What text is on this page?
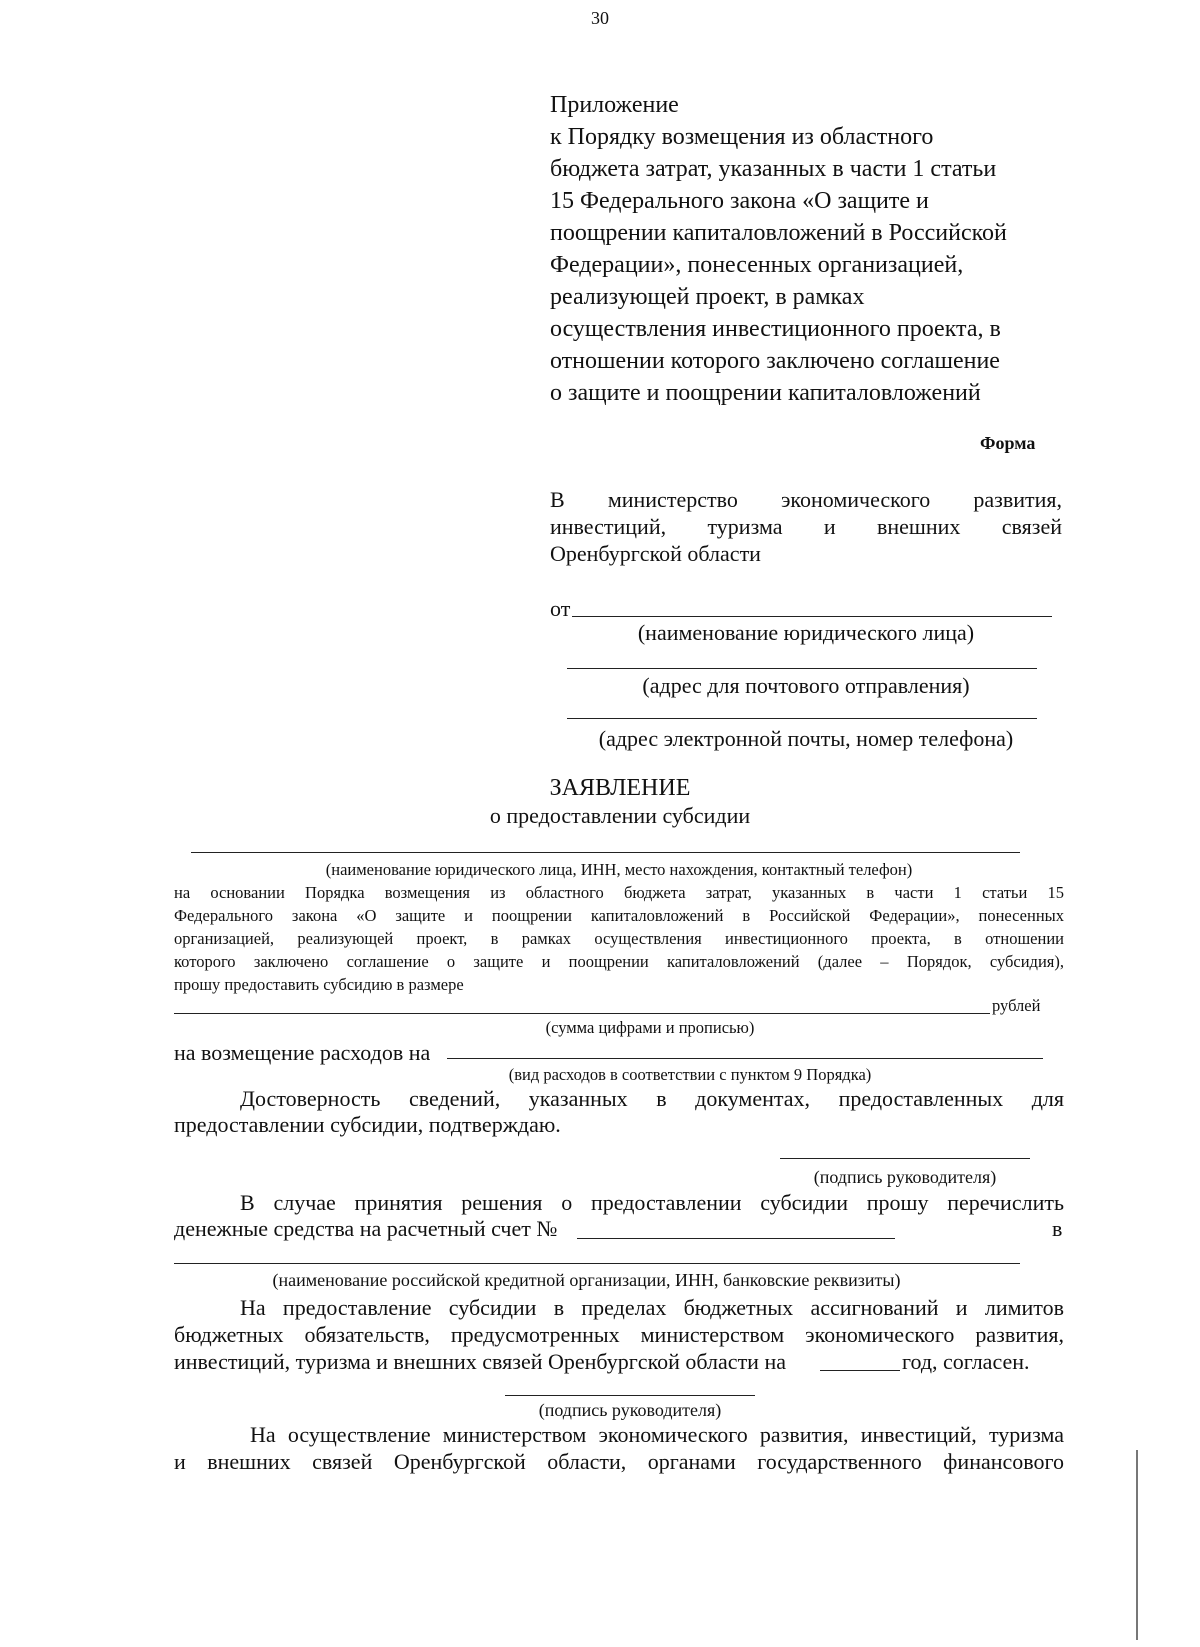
30
Приложение
к Порядку возмещения из областного
бюджета затрат, указанных в части 1 статьи
15 Федерального закона «О защите и
поощрении капиталовложений в Российской
Федерации», понесенных организацией,
реализующей проект, в рамках
осуществления инвестиционного проекта, в
отношении которого заключено соглашение
о защите и поощрении капиталовложений
Форма
В министерство экономического развития,
инвестиций, туризма и внешних связей
Оренбургской области
от
(наименование юридического лица)
(адрес для почтового отправления)
(адрес электронной почты, номер телефона)
ЗАЯВЛЕНИЕ
о предоставлении субсидии
(наименование юридического лица, ИНН, место нахождения, контактный телефон)
на основании Порядка возмещения из областного бюджета затрат, указанных в части 1 статьи 15
Федерального закона «О защите и поощрении капиталовложений в Российской Федерации», понесенных
организацией, реализующей проект, в рамках осуществления инвестиционного проекта, в отношении
которого заключено соглашение о защите и поощрении капиталовложений (далее – Порядок, субсидия),
прошу предоставить субсидию в размере
рублей
(сумма цифрами и прописью)
на возмещение расходов на
(вид расходов в соответствии с пунктом 9 Порядка)
Достоверность сведений, указанных в документах, предоставленных для
предоставлении субсидии, подтверждаю.
(подпись руководителя)
В случае принятия решения о предоставлении субсидии прошу перечислить
денежные средства на расчетный счет №	в
(наименование российской кредитной организации, ИНН, банковские реквизиты)
На предоставление субсидии в пределах бюджетных ассигнований и лимитов
бюджетных обязательств, предусмотренных министерством экономического развития,
инвестиций, туризма и внешних связей Оренбургской области на	год, согласен.
(подпись руководителя)
На осуществление министерством экономического развития, инвестиций, туризма
и внешних связей Оренбургской области, органами государственного финансового
